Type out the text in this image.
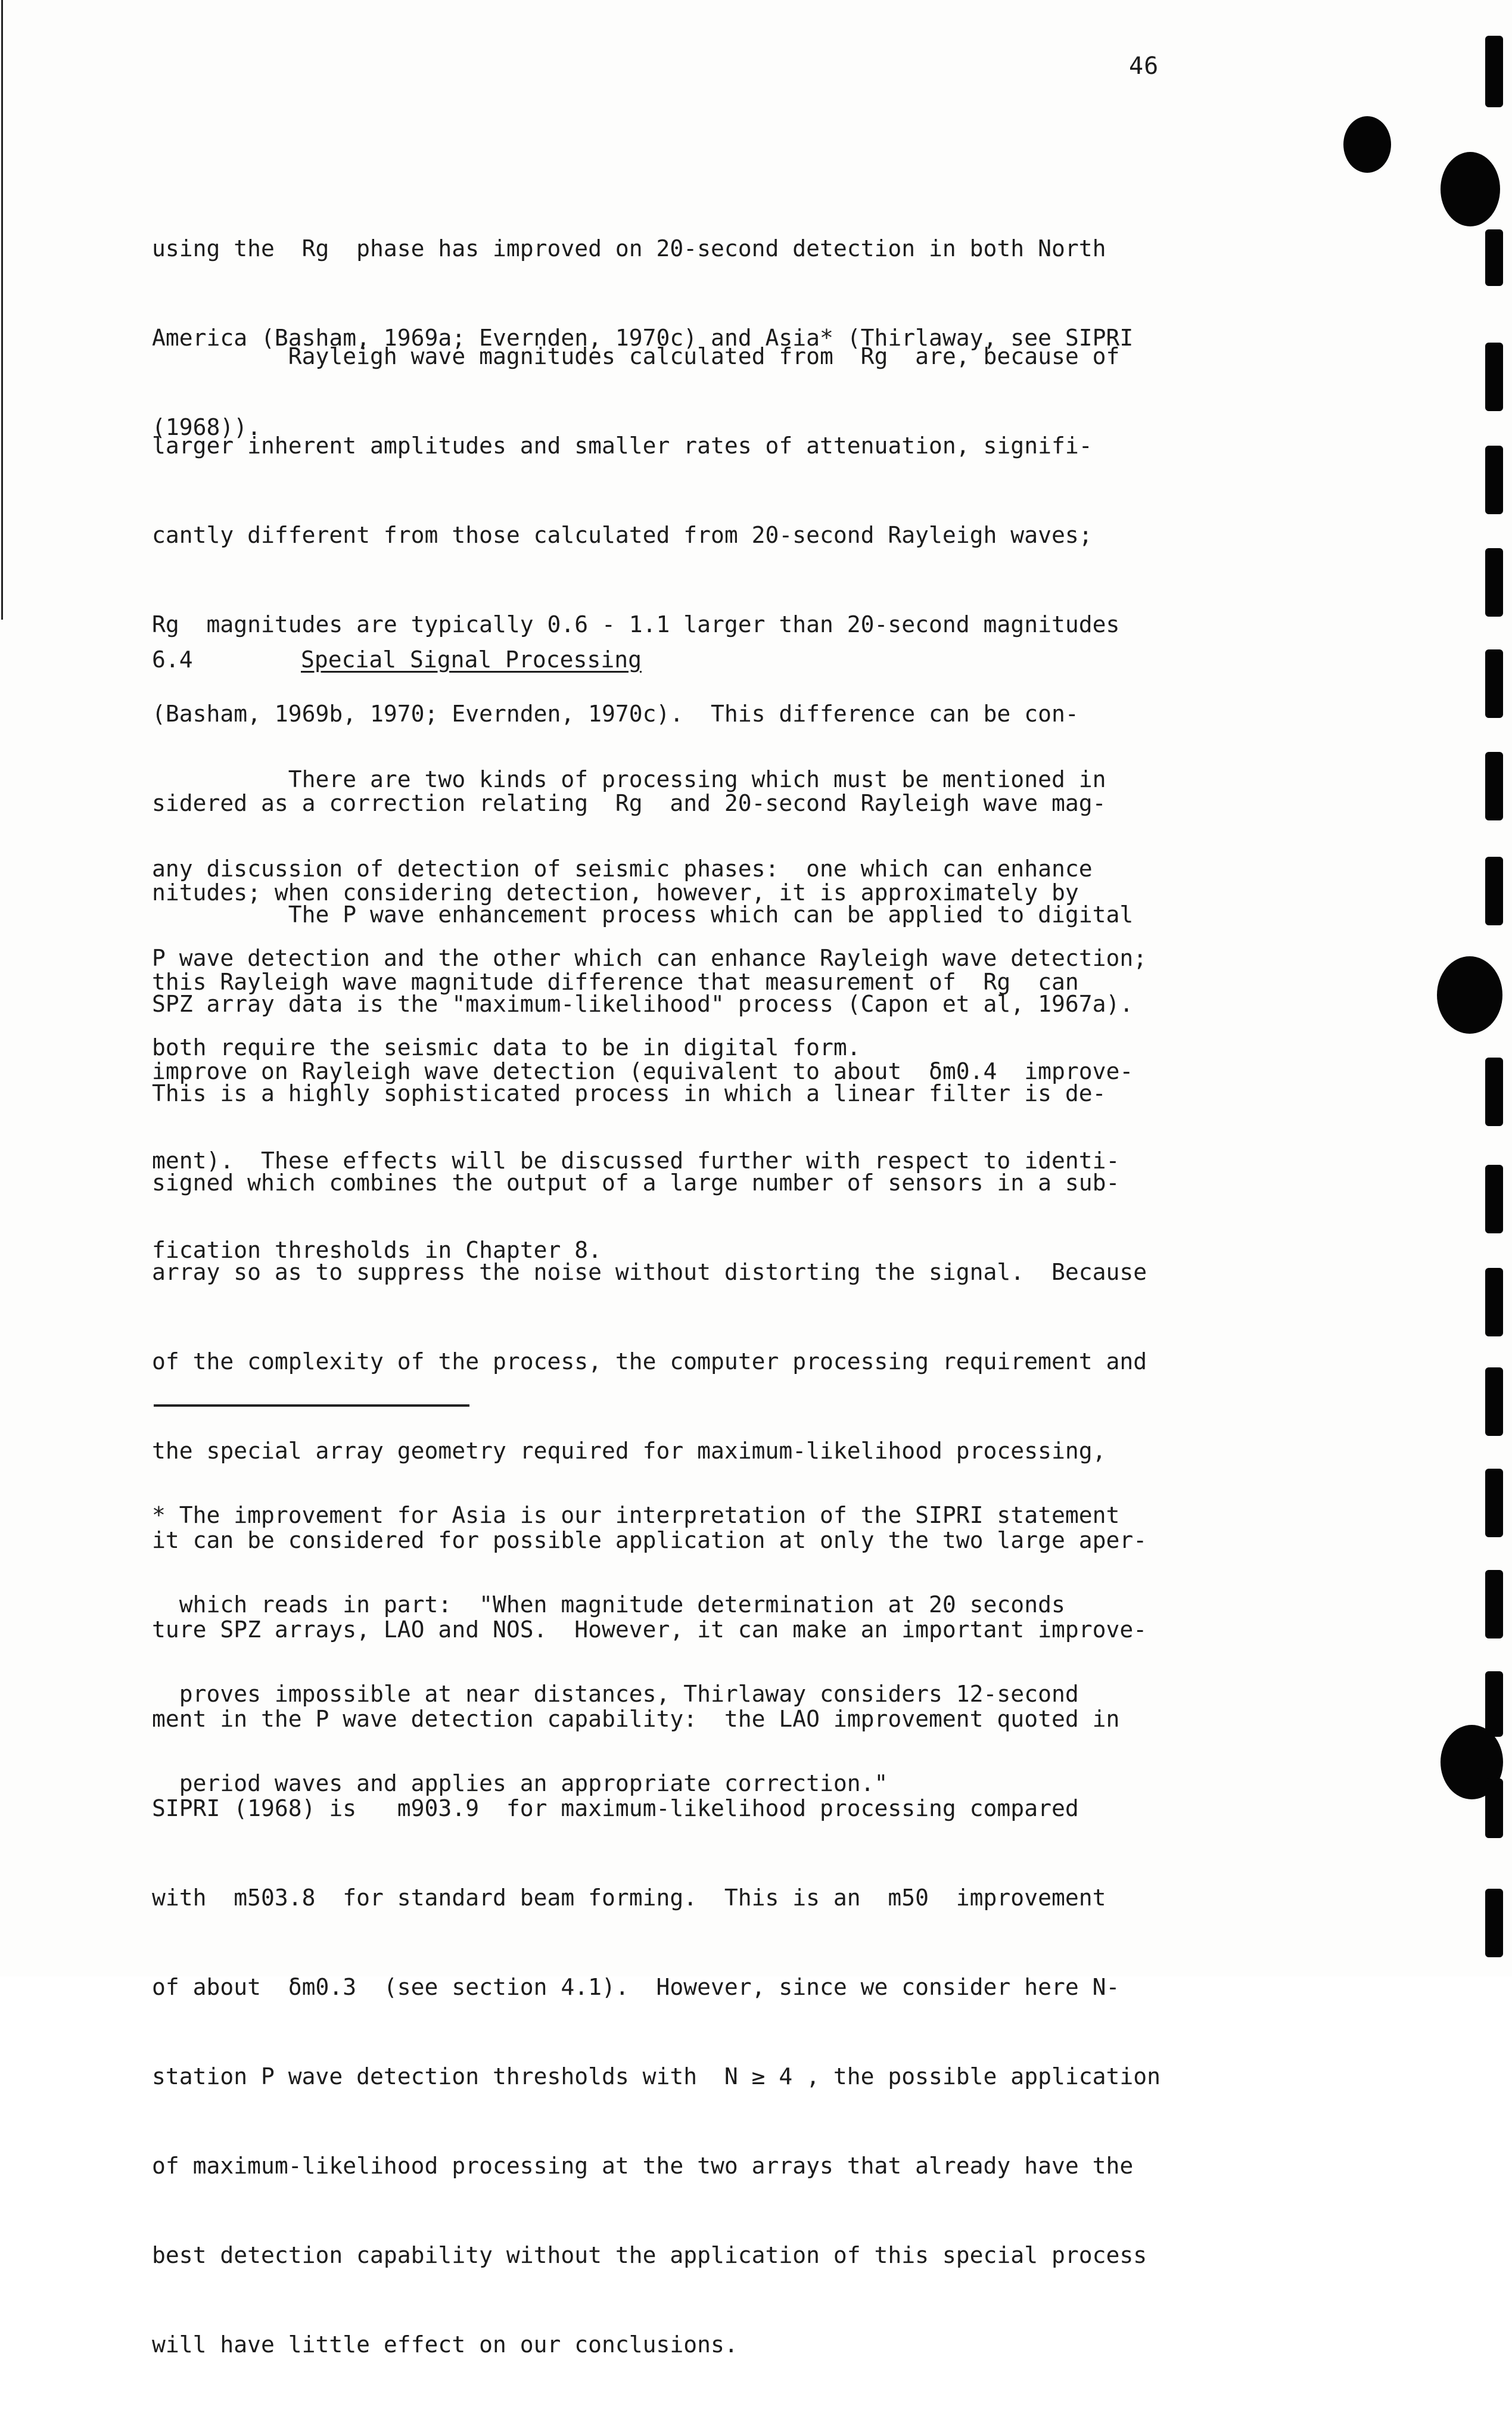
46

using the  Rg  phase has improved on 20-second detection in both North

America (Basham, 1969a; Evernden, 1970c) and Asia* (Thirlaway, see SIPRI

(1968)).

Rayleigh wave magnitudes calculated from  Rg  are, because of

larger inherent amplitudes and smaller rates of attenuation, signifi-

cantly different from those calculated from 20-second Rayleigh waves;

Rg  magnitudes are typically 0.6 - 1.1 larger than 20-second magnitudes

(Basham, 1969b, 1970; Evernden, 1970c).  This difference can be con-

sidered as a correction relating  Rg  and 20-second Rayleigh wave mag-

nitudes; when considering detection, however, it is approximately by

this Rayleigh wave magnitude difference that measurement of  Rg  can

improve on Rayleigh wave detection (equivalent to about  δm0.4  improve-

ment).  These effects will be discussed further with respect to identi-

fication thresholds in Chapter 8.

6.4	Special Signal Processing

There are two kinds of processing which must be mentioned in

any discussion of detection of seismic phases:  one which can enhance

P wave detection and the other which can enhance Rayleigh wave detection;

both require the seismic data to be in digital form.

The P wave enhancement process which can be applied to digital

SPZ array data is the "maximum-likelihood" process (Capon et al, 1967a).

This is a highly sophisticated process in which a linear filter is de-

signed which combines the output of a large number of sensors in a sub-

array so as to suppress the noise without distorting the signal.  Because

of the complexity of the process, the computer processing requirement and

the special array geometry required for maximum-likelihood processing,

it can be considered for possible application at only the two large aper-

ture SPZ arrays, LAO and NOS.  However, it can make an important improve-

ment in the P wave detection capability:  the LAO improvement quoted in

SIPRI (1968) is   m903.9  for maximum-likelihood processing compared

with  m503.8  for standard beam forming.  This is an  m50  improvement

of about  δm0.3  (see section 4.1).  However, since we consider here N-

station P wave detection thresholds with  N ≥ 4 , the possible application

of maximum-likelihood processing at the two arrays that already have the

best detection capability without the application of this special process

will have little effect on our conclusions.

* The improvement for Asia is our interpretation of the SIPRI statement

which reads in part:  "When magnitude determination at 20 seconds

proves impossible at near distances, Thirlaway considers 12-second

period waves and applies an appropriate correction."
